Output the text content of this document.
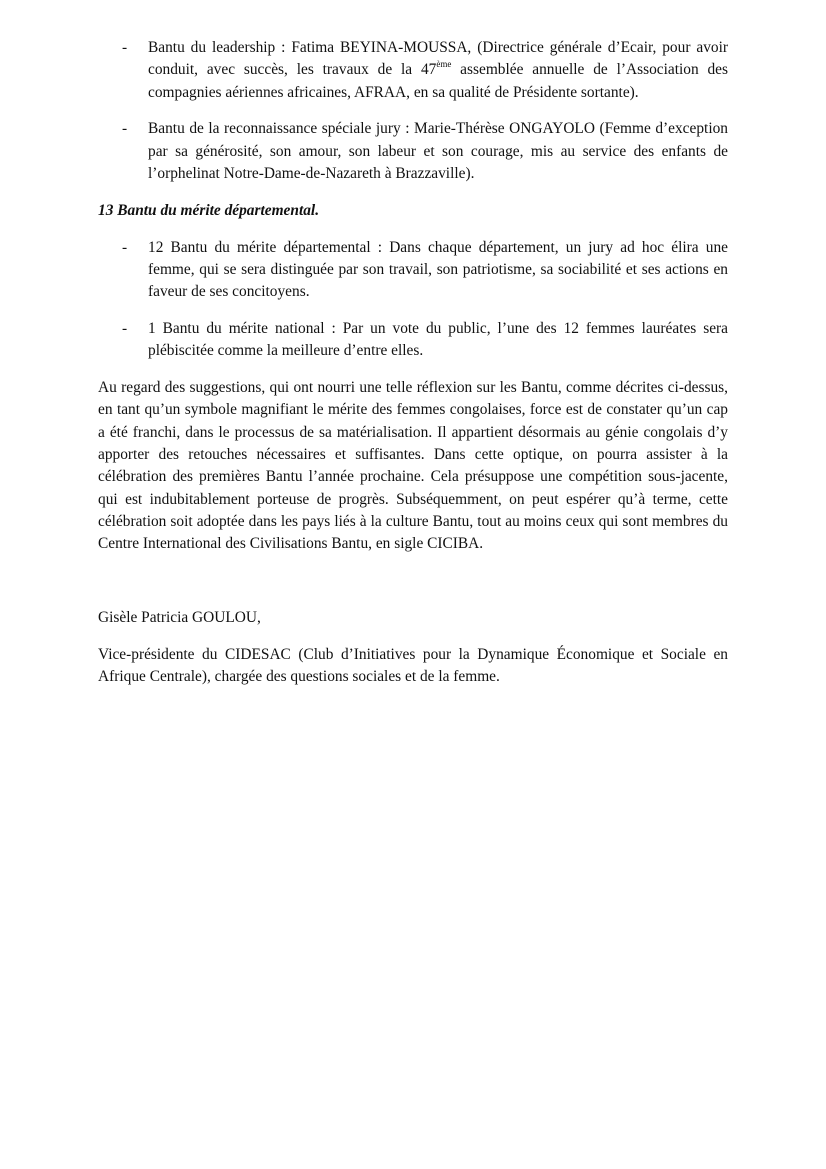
- Bantu du leadership : Fatima BEYINA-MOUSSA, (Directrice générale d’Ecair, pour avoir conduit, avec succès, les travaux de la 47ème assemblée annuelle de l’Association des compagnies aériennes africaines, AFRAA, en sa qualité de Présidente sortante).
- Bantu de la reconnaissance spéciale jury : Marie-Thérèse ONGAYOLO (Femme d’exception par sa générosité, son amour, son labeur et son courage, mis au service des enfants de l’orphelinat Notre-Dame-de-Nazareth à Brazzaville).
13 Bantu du mérite départemental.
- 12 Bantu du mérite départemental : Dans chaque département, un jury ad hoc élira une femme, qui se sera distinguée par son travail, son patriotisme, sa sociabilité et ses actions en faveur de ses concitoyens.
- 1 Bantu du mérite national : Par un vote du public, l’une des 12 femmes lauréates sera plébiscitée comme la meilleure d’entre elles.
Au regard des suggestions, qui ont nourri une telle réflexion sur les Bantu, comme décrites ci-dessus, en tant qu’un symbole magnifiant le mérite des femmes congolaises, force est de constater qu’un cap a été franchi, dans le processus de sa matérialisation. Il appartient désormais au génie congolais d’y apporter des retouches nécessaires et suffisantes. Dans cette optique, on pourra assister à la célébration des premières Bantu l’année prochaine. Cela présuppose une compétition sous-jacente, qui est indubitablement porteuse de progrès. Subséquemment, on peut espérer qu’à terme, cette célébration soit adoptée dans les pays liés à la culture Bantu, tout au moins ceux qui sont membres du Centre International des Civilisations Bantu, en sigle CICIBA.
Gisèle Patricia GOULOU,
Vice-présidente du CIDESAC (Club d’Initiatives pour la Dynamique Économique et Sociale en Afrique Centrale), chargée des questions sociales et de la femme.
